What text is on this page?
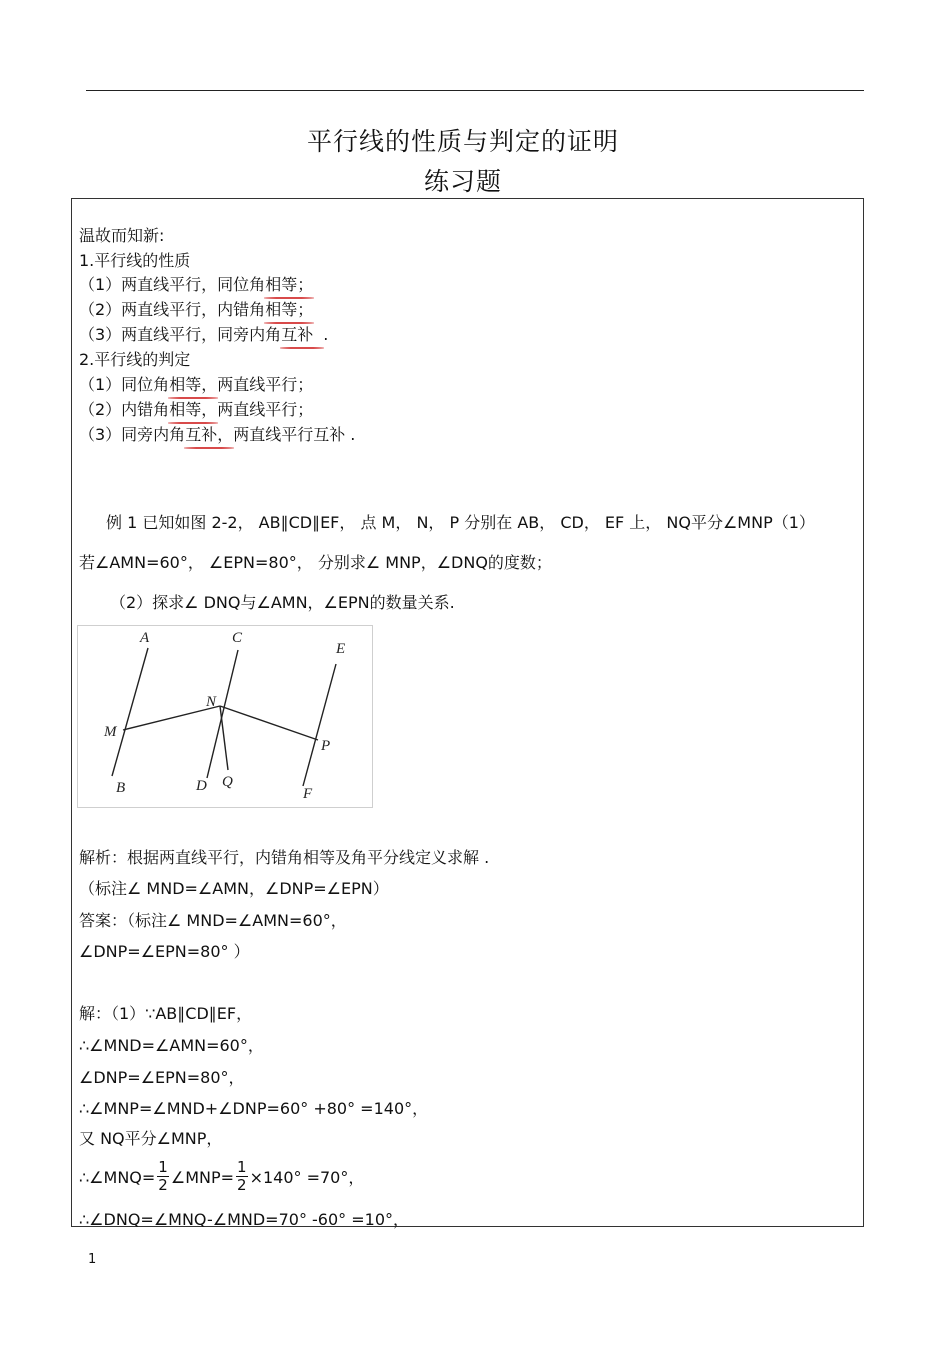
平行线的性质与判定的证明
练习题
温故而知新:
1.平行线的性质
（1）两直线平行，同位角相等；
（2）两直线平行，内错角相等；
（3）两直线平行，同旁内角互补 .
2.平行线的判定
（1）同位角相等，两直线平行；
（2）内错角相等，两直线平行；
（3）同旁内角互补，两直线平行互补 .
例 1 已知如图 2-2， AB∥CD∥EF， 点 M， N， P 分别在 AB， CD， EF 上， NQ平分∠MNP（1）
若∠AMN=60°， ∠EPN=80°， 分别求∠ MNP，∠DNQ的度数；
（2）探求∠ DNQ与∠AMN，∠EPN的数量关系.
A
B
C
D
E
F
M
N
P
Q
解析：根据两直线平行，内错角相等及角平分线定义求解 .
（标注∠ MND=∠AMN，∠DNP=∠EPN）
答案：（标注∠ MND=∠AMN=60°，
∠DNP=∠EPN=80° ）
解：（1）∵AB∥CD∥EF，
∴∠MND=∠AMN=60°，
∠DNP=∠EPN=80°，
∴∠MNP=∠MND+∠DNP=60° +80° =140°，
又 NQ平分∠MNP，
∴∠MNQ= $\frac{1}{2}$ ∠MNP= $\frac{1}{2} \times 140^\circ =70^\circ$，
∴∠DNQ=∠MNQ-∠MND=70° -60° =10°，
1
